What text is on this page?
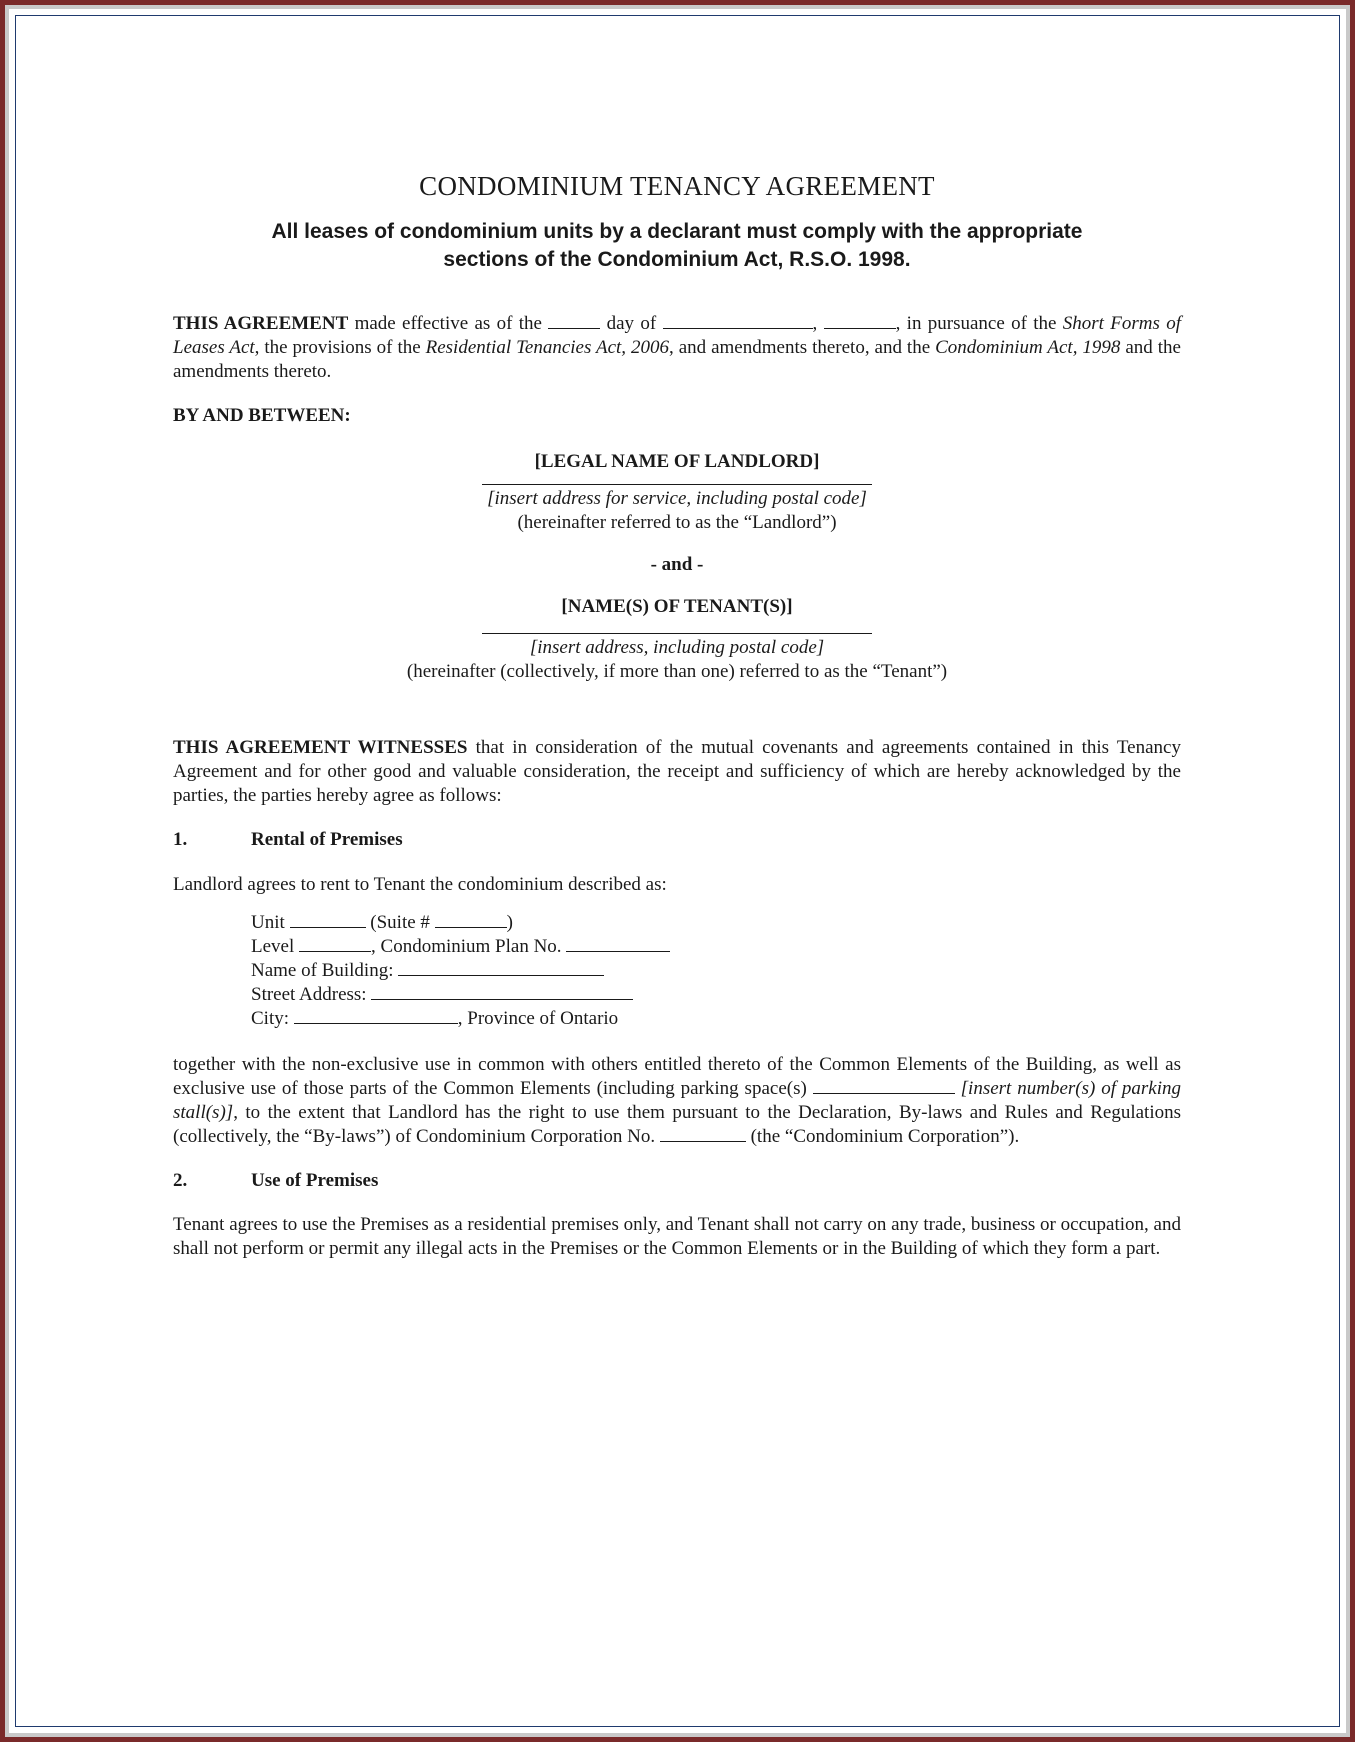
CONDOMINIUM TENANCY AGREEMENT
All leases of condominium units by a declarant must comply with the appropriate
sections of the Condominium Act, R.S.O. 1998.

THIS AGREEMENT made effective as of the	day of	,	, in pursuance of the Short Forms of Leases Act, the provisions of the Residential Tenancies Act, 2006, and amendments thereto, and the Condominium Act, 1998 and the amendments thereto.

BY AND BETWEEN:

[LEGAL NAME OF LANDLORD]

[insert address for service, including postal code]

(hereinafter referred to as the “Landlord”)

- and -

[NAME(S) OF TENANT(S)]

[insert address, including postal code]

(hereinafter (collectively, if more than one) referred to as the “Tenant”)

THIS AGREEMENT WITNESSES that in consideration of the mutual covenants and agreements contained in this Tenancy Agreement and for other good and valuable consideration, the receipt and sufficiency of which are hereby acknowledged by the parties, the parties hereby agree as follows:

1.	Rental of Premises

Landlord agrees to rent to Tenant the condominium described as:

Unit	(Suite #	)
Level	, Condominium Plan No.
Name of Building:
Street Address:
City:	, Province of Ontario

together with the non-exclusive use in common with others entitled thereto of the Common Elements of the Building, as well as exclusive use of those parts of the Common Elements (including parking space(s)	[insert number(s) of parking stall(s)], to the extent that Landlord has the right to use them pursuant to the Declaration, By-laws and Rules and Regulations (collectively, the “By-laws”) of Condominium Corporation No.	(the “Condominium Corporation”).

2.	Use of Premises

Tenant agrees to use the Premises as a residential premises only, and Tenant shall not carry on any trade, business or occupation, and shall not perform or permit any illegal acts in the Premises or the Common Elements or in the Building of which they form a part.
